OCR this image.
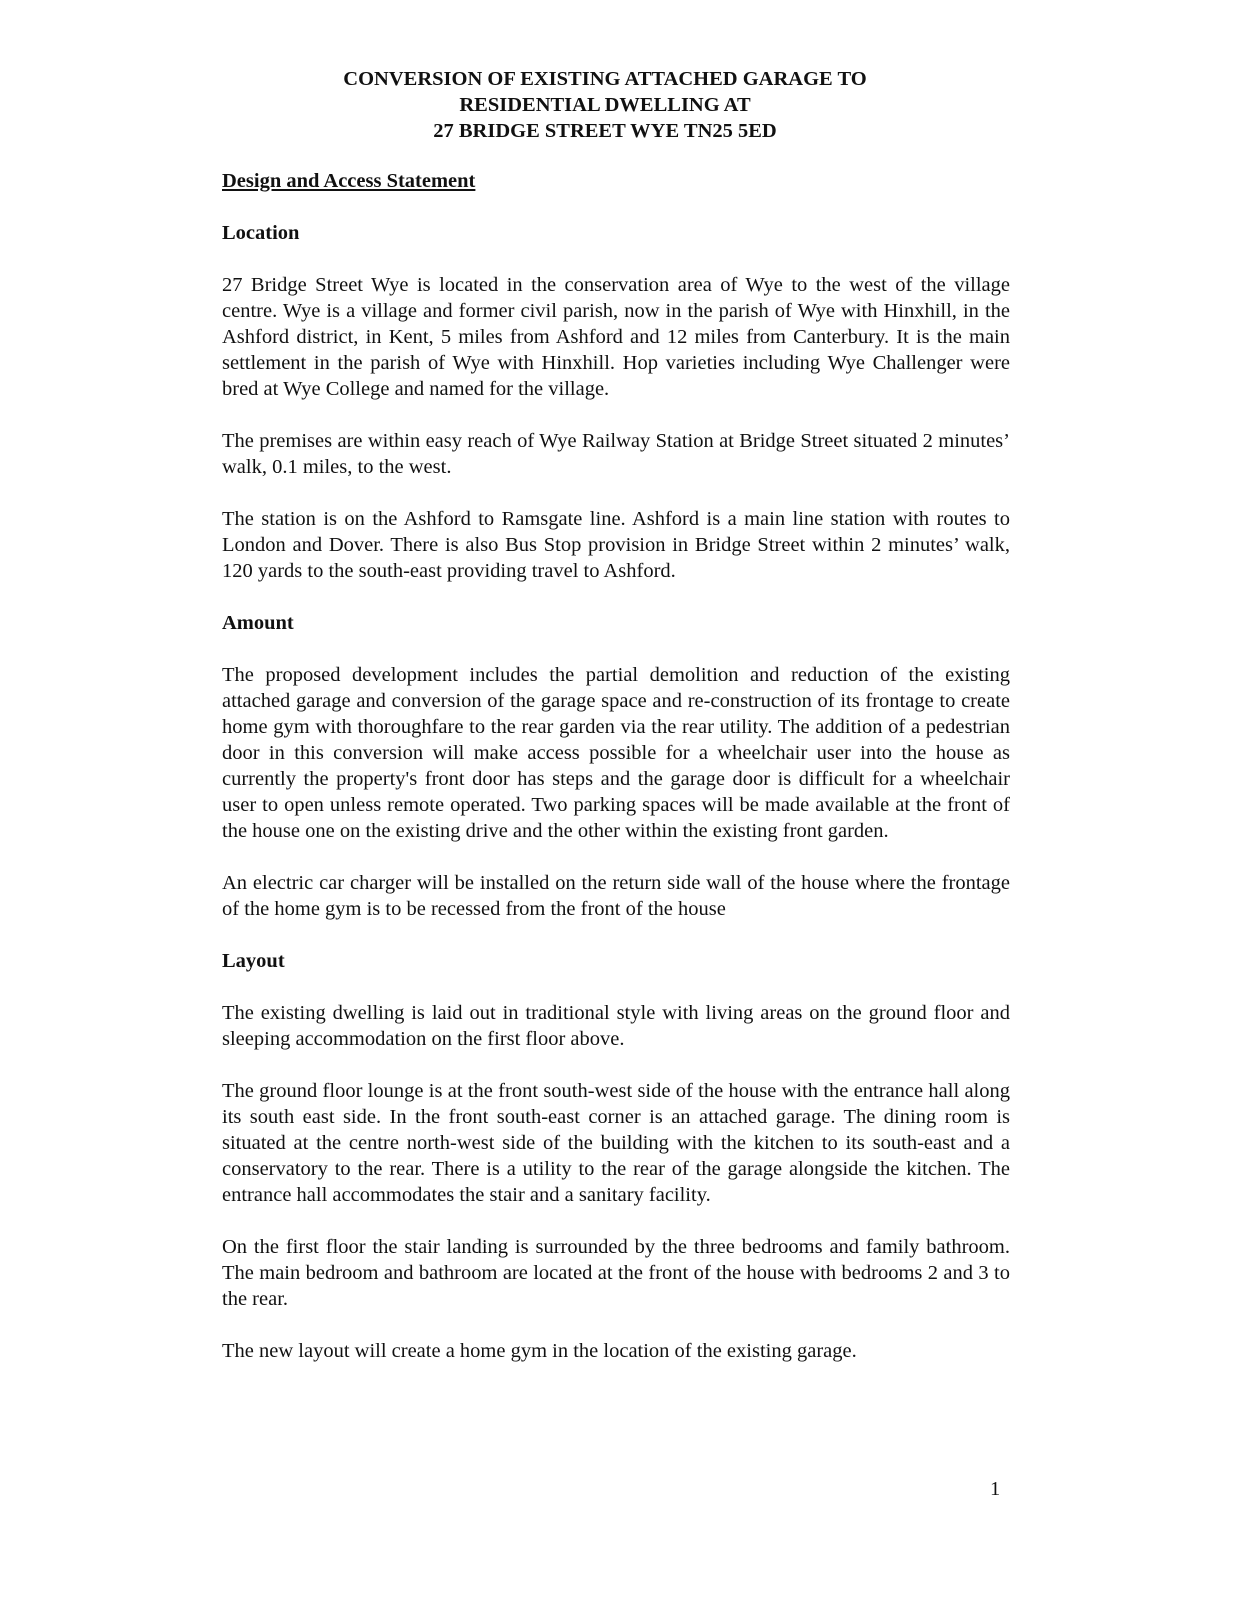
CONVERSION OF EXISTING ATTACHED GARAGE TO
RESIDENTIAL DWELLING AT
27 BRIDGE STREET WYE TN25 5ED
Design and Access Statement
Location

27 Bridge Street Wye is located in the conservation area of Wye to the west of the village centre. Wye is a village and former civil parish, now in the parish of Wye with Hinxhill, in the Ashford district, in Kent, 5 miles from Ashford and 12 miles from Canterbury. It is the main settlement in the parish of Wye with Hinxhill. Hop varieties including Wye Challenger were bred at Wye College and named for the village.

The premises are within easy reach of Wye Railway Station at Bridge Street situated 2 minutes’ walk, 0.1 miles, to the west.

The station is on the Ashford to Ramsgate line. Ashford is a main line station with routes to London and Dover. There is also Bus Stop provision in Bridge Street within 2 minutes’ walk, 120 yards to the south-east providing travel to Ashford.

Amount

The proposed development includes the partial demolition and reduction of the existing attached garage and conversion of the garage space and re-construction of its frontage to create home gym with thoroughfare to the rear garden via the rear utility. The addition of a pedestrian door in this conversion will make access possible for a wheelchair user into the house as currently the property's front door has steps and the garage door is difficult for a wheelchair user to open unless remote operated. Two parking spaces will be made available at the front of the house one on the existing drive and the other within the existing front garden.

An electric car charger will be installed on the return side wall of the house where the frontage of the home gym is to be recessed from the front of the house

Layout

The existing dwelling is laid out in traditional style with living areas on the ground floor and sleeping accommodation on the first floor above.

The ground floor lounge is at the front south-west side of the house with the entrance hall along its south east side. In the front south-east corner is an attached garage. The dining room is situated at the centre north-west side of the building with the kitchen to its south-east and a conservatory to the rear. There is a utility to the rear of the garage alongside the kitchen. The entrance hall accommodates the stair and a sanitary facility.

On the first floor the stair landing is surrounded by the three bedrooms and family bathroom. The main bedroom and bathroom are located at the front of the house with bedrooms 2 and 3 to the rear.

The new layout will create a home gym in the location of the existing garage.

1
